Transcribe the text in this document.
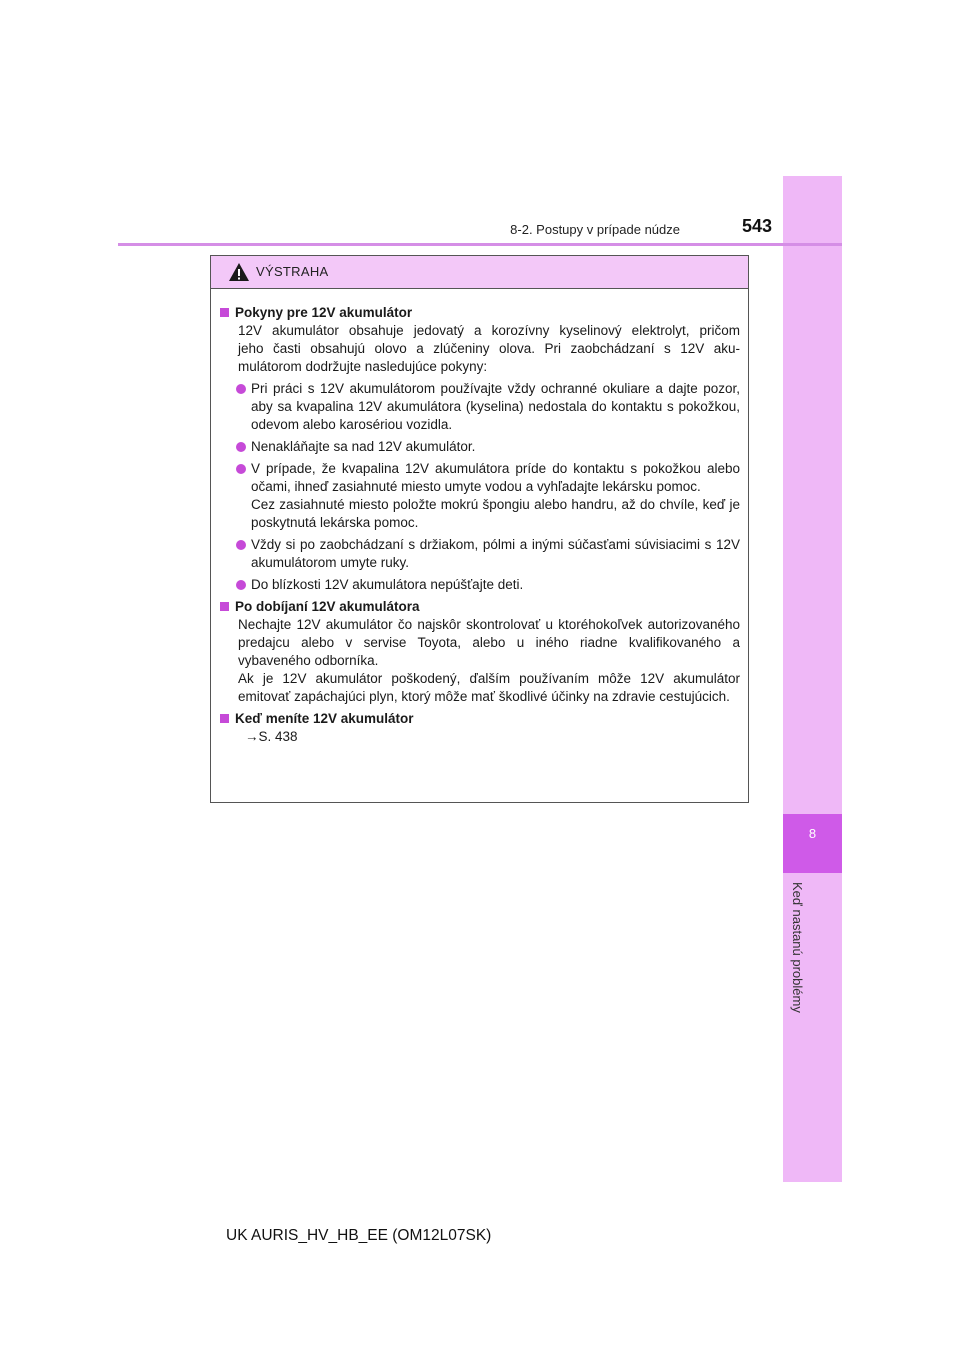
8
Keď nastanú problémy
8-2. Postupy v prípade núdze	543
VÝSTRAHA
Pokyny pre 12V akumulátor
12V akumulátor obsahuje jedovatý a korozívny kyselinový elektrolyt, pričom
jeho časti obsahujú olovo a zlúčeniny olova. Pri zaobchádzaní s 12V aku-
mulátorom dodržujte nasledujúce pokyny:
Pri práci s 12V akumulátorom používajte vždy ochranné okuliare a dajte pozor, aby sa kvapalina 12V akumulátora (kyselina) nedostala do kontaktu s pokožkou, odevom alebo karosériou vozidla.
Nenakláňajte sa nad 12V akumulátor.
V prípade, že kvapalina 12V akumulátora príde do kontaktu s pokožkou alebo očami, ihneď zasiahnuté miesto umyte vodou a vyhľadajte lekársku pomoc.
Cez zasiahnuté miesto položte mokrú špongiu alebo handru, až do chvíle, keď je poskytnutá lekárska pomoc.
Vždy si po zaobchádzaní s držiakom, pólmi a inými súčasťami súvisiacimi s 12V akumulátorom umyte ruky.
Do blízkosti 12V akumulátora nepúšťajte deti.
Po dobíjaní 12V akumulátora
Nechajte 12V akumulátor čo najskôr skontrolovať u ktoréhokoľvek autorizovaného predajcu alebo v servise Toyota, alebo u iného riadne kvalifikovaného a vybaveného odborníka.
Ak je 12V akumulátor poškodený, ďalším používaním môže 12V akumulátor emitovať zapáchajúci plyn, ktorý môže mať škodlivé účinky na zdravie cestujúcich.
Keď meníte 12V akumulátor
→S. 438
UK AURIS_HV_HB_EE (OM12L07SK)
